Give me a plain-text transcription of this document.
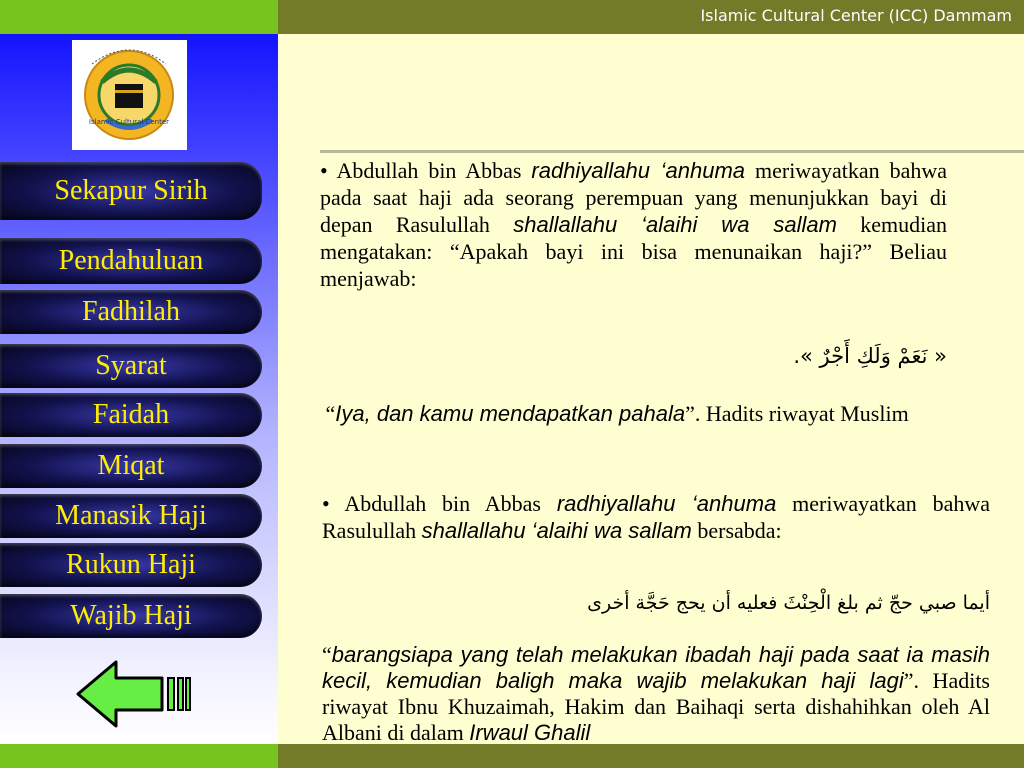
Islamic Cultural Center (ICC) Dammam
Islamic Cultural Center
Sekapur Sirih
Pendahuluan
Fadhilah
Syarat
Faidah
Miqat
Manasik Haji
Rukun Haji
Wajib Haji
• Abdullah bin Abbas radhiyallahu ‘anhuma meriwayatkan bahwa pada saat haji ada seorang perempuan yang menunjukkan bayi di depan Rasulullah shallallahu ‘alaihi wa sallam kemudian mengatakan: “Apakah bayi ini bisa menunaikan haji?” Beliau menjawab:
« نَعَمْ وَلَكِ أَجْرٌ ».
“Iya, dan kamu mendapatkan pahala”. Hadits riwayat Muslim
• Abdullah bin Abbas radhiyallahu ‘anhuma meriwayatkan bahwa Rasulullah shallallahu ‘alaihi wa sallam bersabda:
أيما صبي حجّ ثم بلغ الْحِنْثَ فعليه أن يحج حَجَّة أخرى
“barangsiapa yang telah melakukan ibadah haji pada saat ia masih kecil, kemudian baligh maka wajib melakukan haji lagi”. Hadits riwayat Ibnu Khuzaimah, Hakim dan Baihaqi serta dishahihkan oleh Al Albani di dalam Irwaul Ghalil
